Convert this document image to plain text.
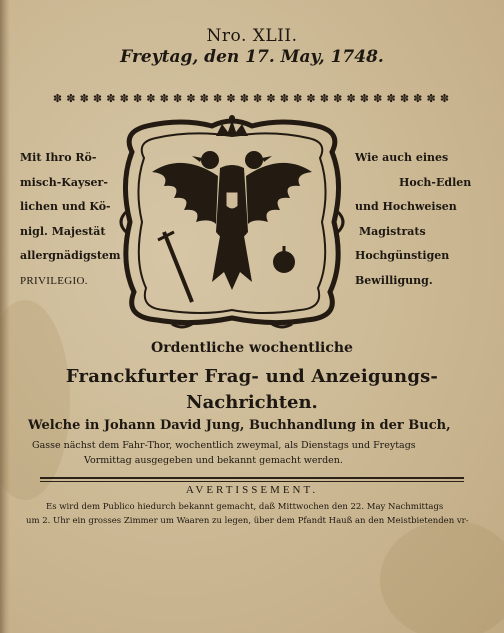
Nro. XLII.
Freytag, den 17. May, 1748.
✽ ✽ ✽ ✽ ✽ ✽ ✽ ✽ ✽ ✽ ✽ ✽ ✽ ✽ ✽ ✽ ✽ ✽ ✽ ✽ ✽ ✽ ✽ ✽ ✽ ✽ ✽ ✽ ✽ ✽
Mit Ihro Rö-
misch-Kayser-
lichen und Kö-
nigl. Majestät
allergnädigstem
PRIVILEGIO.
Wie auch eines
Hoch-Edlen
und Hochweisen
Magistrats
Hochgünstigen
Bewilligung.
Ordentliche wochentliche
Franckfurter Frag- und Anzeigungs-
Nachrichten.
Welche in Johann David Jung, Buchhandlung in der Buch,
Gasse nächst dem Fahr-Thor, wochentlich zweymal, als Dienstags und Freytags
Vormittag ausgegeben und bekannt gemacht werden.
AVERTISSEMENT.
Es wird dem Publico hiedurch bekannt gemacht, daß Mittwochen den 22. May Nachmittags
um 2. Uhr ein grosses Zimmer um Waaren zu legen, über dem Pfandt Hauß an den Meistbietenden vr-
